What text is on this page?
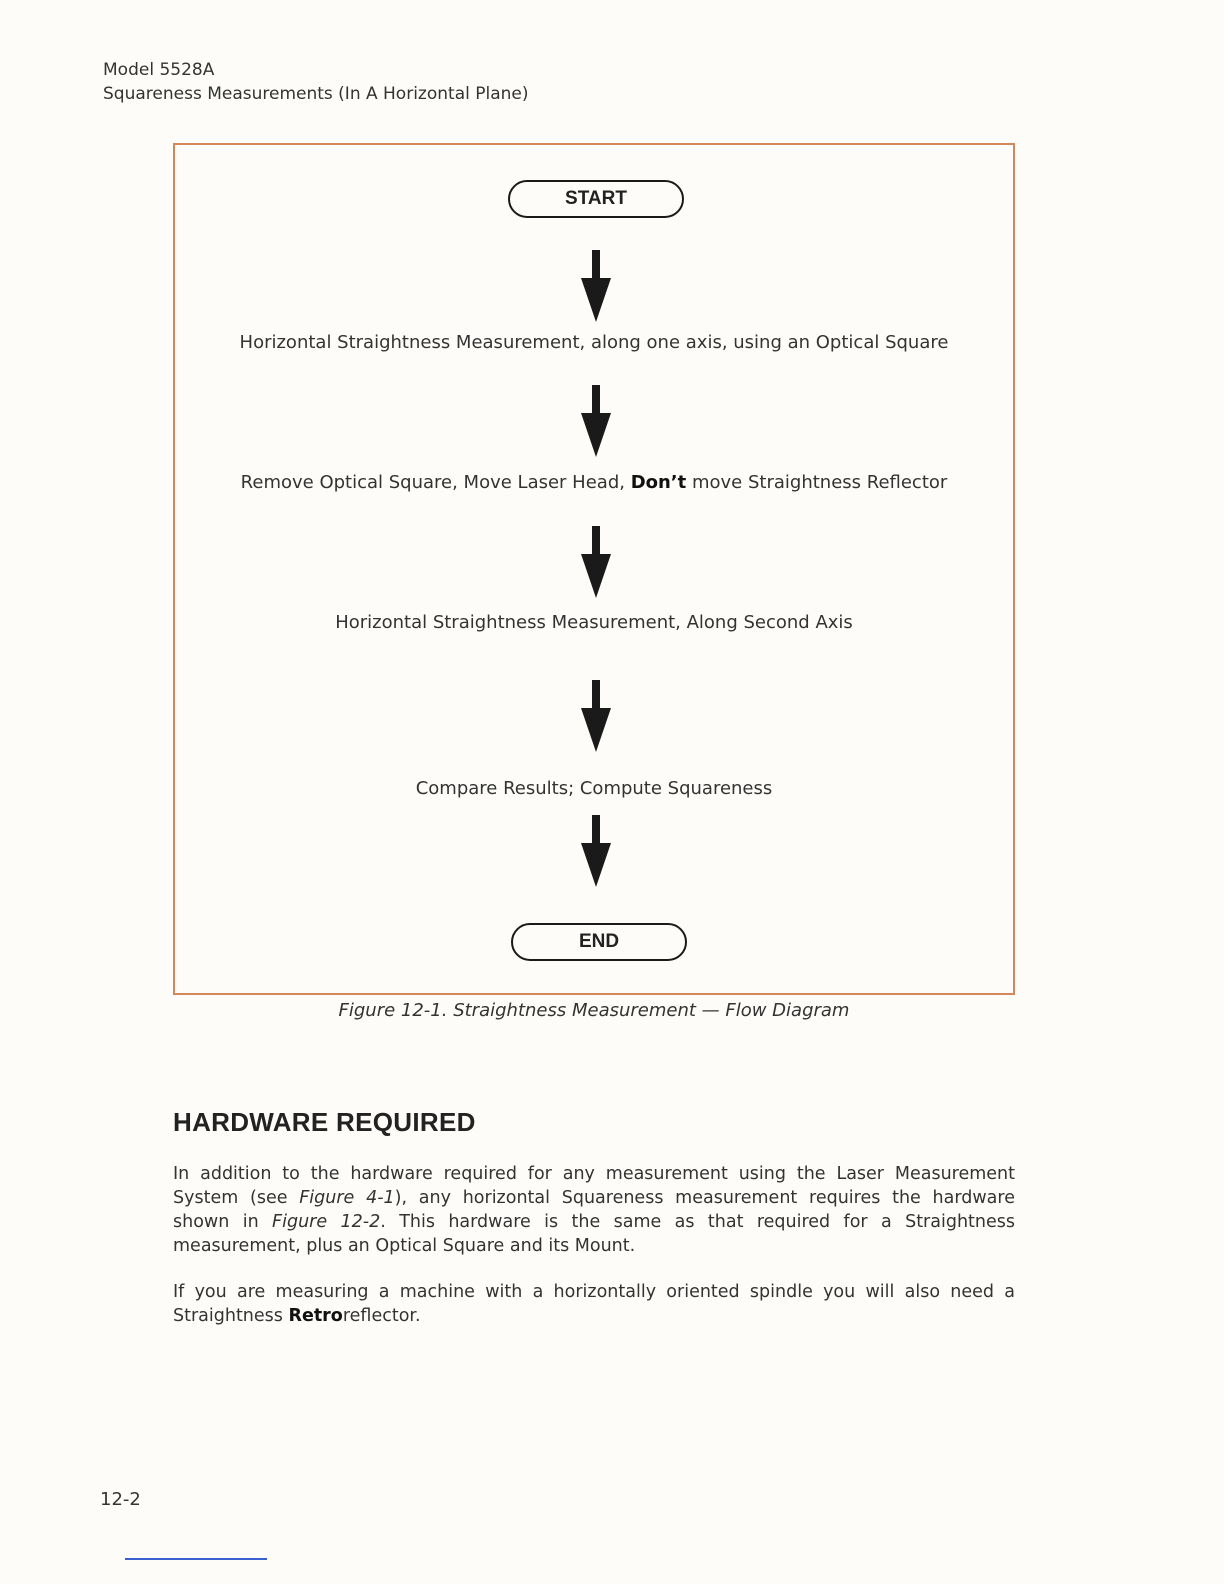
Model 5528A
Squareness Measurements (In A Horizontal Plane)
START
Horizontal Straightness Measurement, along one axis, using an Optical Square
Remove Optical Square, Move Laser Head, Don’t move Straightness Reflector
Horizontal Straightness Measurement, Along Second Axis
Compare Results; Compute Squareness
END
Figure 12-1. Straightness Measurement — Flow Diagram
HARDWARE REQUIRED
In addition to the hardware required for any measurement using the Laser Measurement System (see Figure 4-1), any horizontal Squareness measurement requires the hardware shown in Figure 12-2. This hardware is the same as that required for a Straightness measurement, plus an Optical Square and its Mount.
If you are measuring a machine with a horizontally oriented spindle you will also need a Straightness Retroreflector.
12-2
